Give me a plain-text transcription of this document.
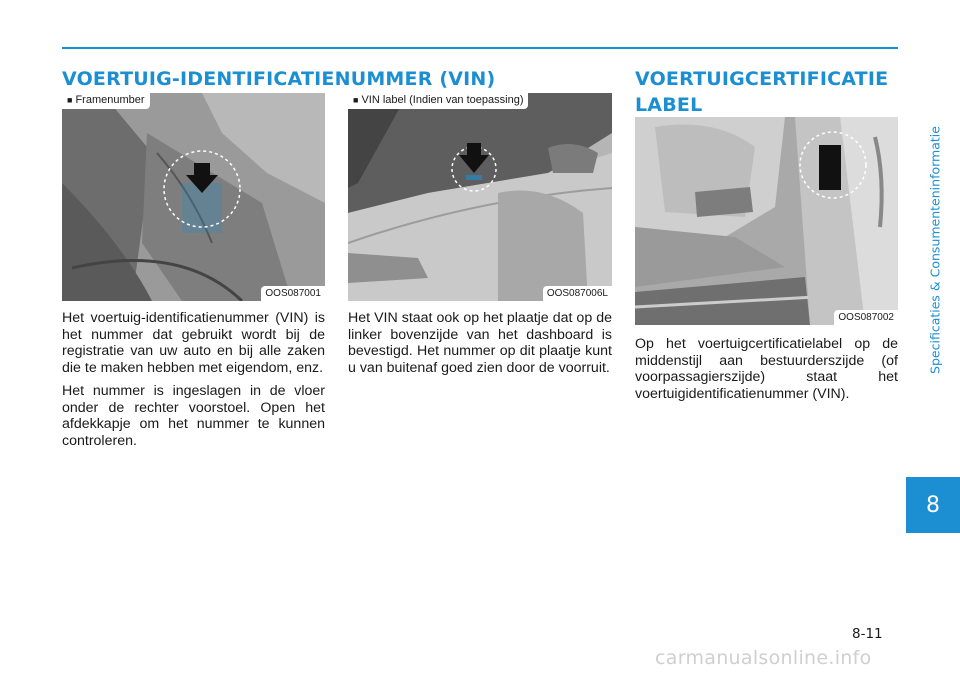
VOERTUIG-IDENTIFICATIENUMMER (VIN)	VOERTUIGCERTIFICATIE
LABEL
■ Framenumber
OOS087001
■ VIN label (Indien van toepassing)
OOS087006L
OOS087002

Het voertuig-identificatienummer (VIN) is het nummer dat gebruikt wordt bij de registratie van uw auto en bij alle zaken die te maken hebben met eigendom, enz.

Het nummer is ingeslagen in de vloer onder de rechter voorstoel. Open het afdekkapje om het nummer te kunnen controleren.

Het VIN staat ook op het plaatje dat op de linker bovenzijde van het dashboard is bevestigd. Het nummer op dit plaatje kunt u van buitenaf goed zien door de voorruit.

Op het voertuigcertificatielabel op de middenstijl aan bestuurderszijde (of voorpassagierszijde) staat het voertuigidentificatienummer (VIN).

Specificaties & Consumenteninformatie
8
8-11
carmanualsonline.info
